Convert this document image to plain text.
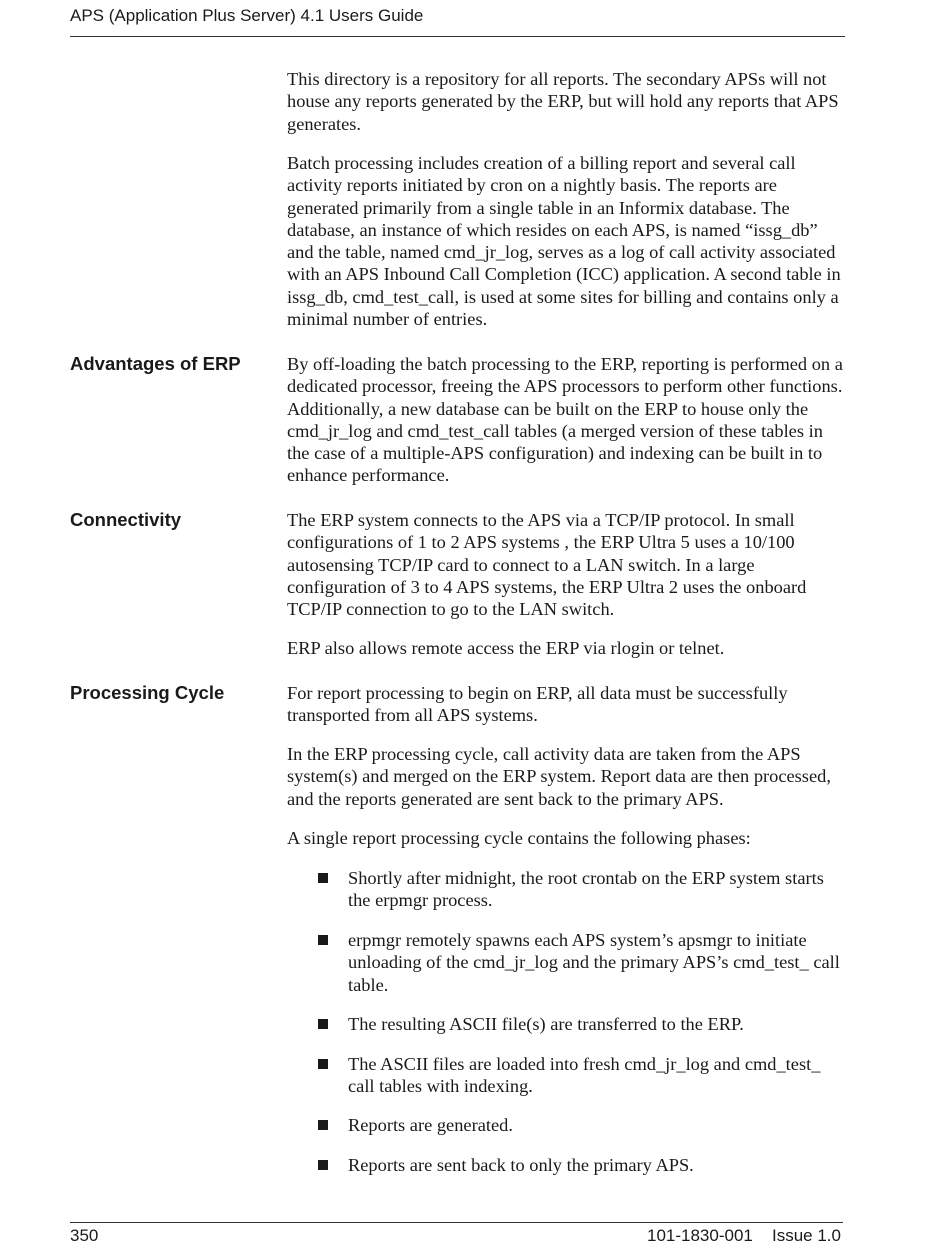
APS (Application Plus Server) 4.1 Users Guide

This directory is a repository for all reports. The secondary APSs will not house any reports generated by the ERP, but will hold any reports that APS generates.

Batch processing includes creation of a billing report and several call activity reports initiated by cron on a nightly basis. The reports are generated primarily from a single table in an Informix database. The database, an instance of which resides on each APS, is named “issg_db” and the table, named cmd_jr_log, serves as a log of call activity associated with an APS Inbound Call Completion (ICC) application. A second table in issg_db, cmd_test_call, is used at some sites for billing and contains only a minimal number of entries.

Advantages of ERP	By off-loading the batch processing to the ERP, reporting is performed on a dedicated processor, freeing the APS processors to perform other functions. Additionally, a new database can be built on the ERP to house only the cmd_jr_log and cmd_test_call tables (a merged version of these tables in the case of a multiple-APS configuration) and indexing can be built in to enhance performance.

Connectivity	The ERP system connects to the APS via a TCP/IP protocol. In small configurations of 1 to 2 APS systems , the ERP Ultra 5 uses a 10/100 autosensing TCP/IP card to connect to a LAN switch. In a large configuration of 3 to 4 APS systems, the ERP Ultra 2 uses the onboard TCP/IP connection to go to the LAN switch.

ERP also allows remote access the ERP via rlogin or telnet.

Processing Cycle	For report processing to begin on ERP, all data must be successfully transported from all APS systems.

In the ERP processing cycle, call activity data are taken from the APS system(s) and merged on the ERP system. Report data are then processed, and the reports generated are sent back to the primary APS.

A single report processing cycle contains the following phases:

Shortly after midnight, the root crontab on the ERP system starts the erpmgr process.
erpmgr remotely spawns each APS system’s apsmgr to initiate unloading of the cmd_jr_log and the primary APS’s cmd_test_ call table.
The resulting ASCII file(s) are transferred to the ERP.
The ASCII files are loaded into fresh cmd_jr_log and cmd_test_ call tables with indexing.
Reports are generated.
Reports are sent back to only the primary APS.
350	101-1830-001 Issue 1.0
